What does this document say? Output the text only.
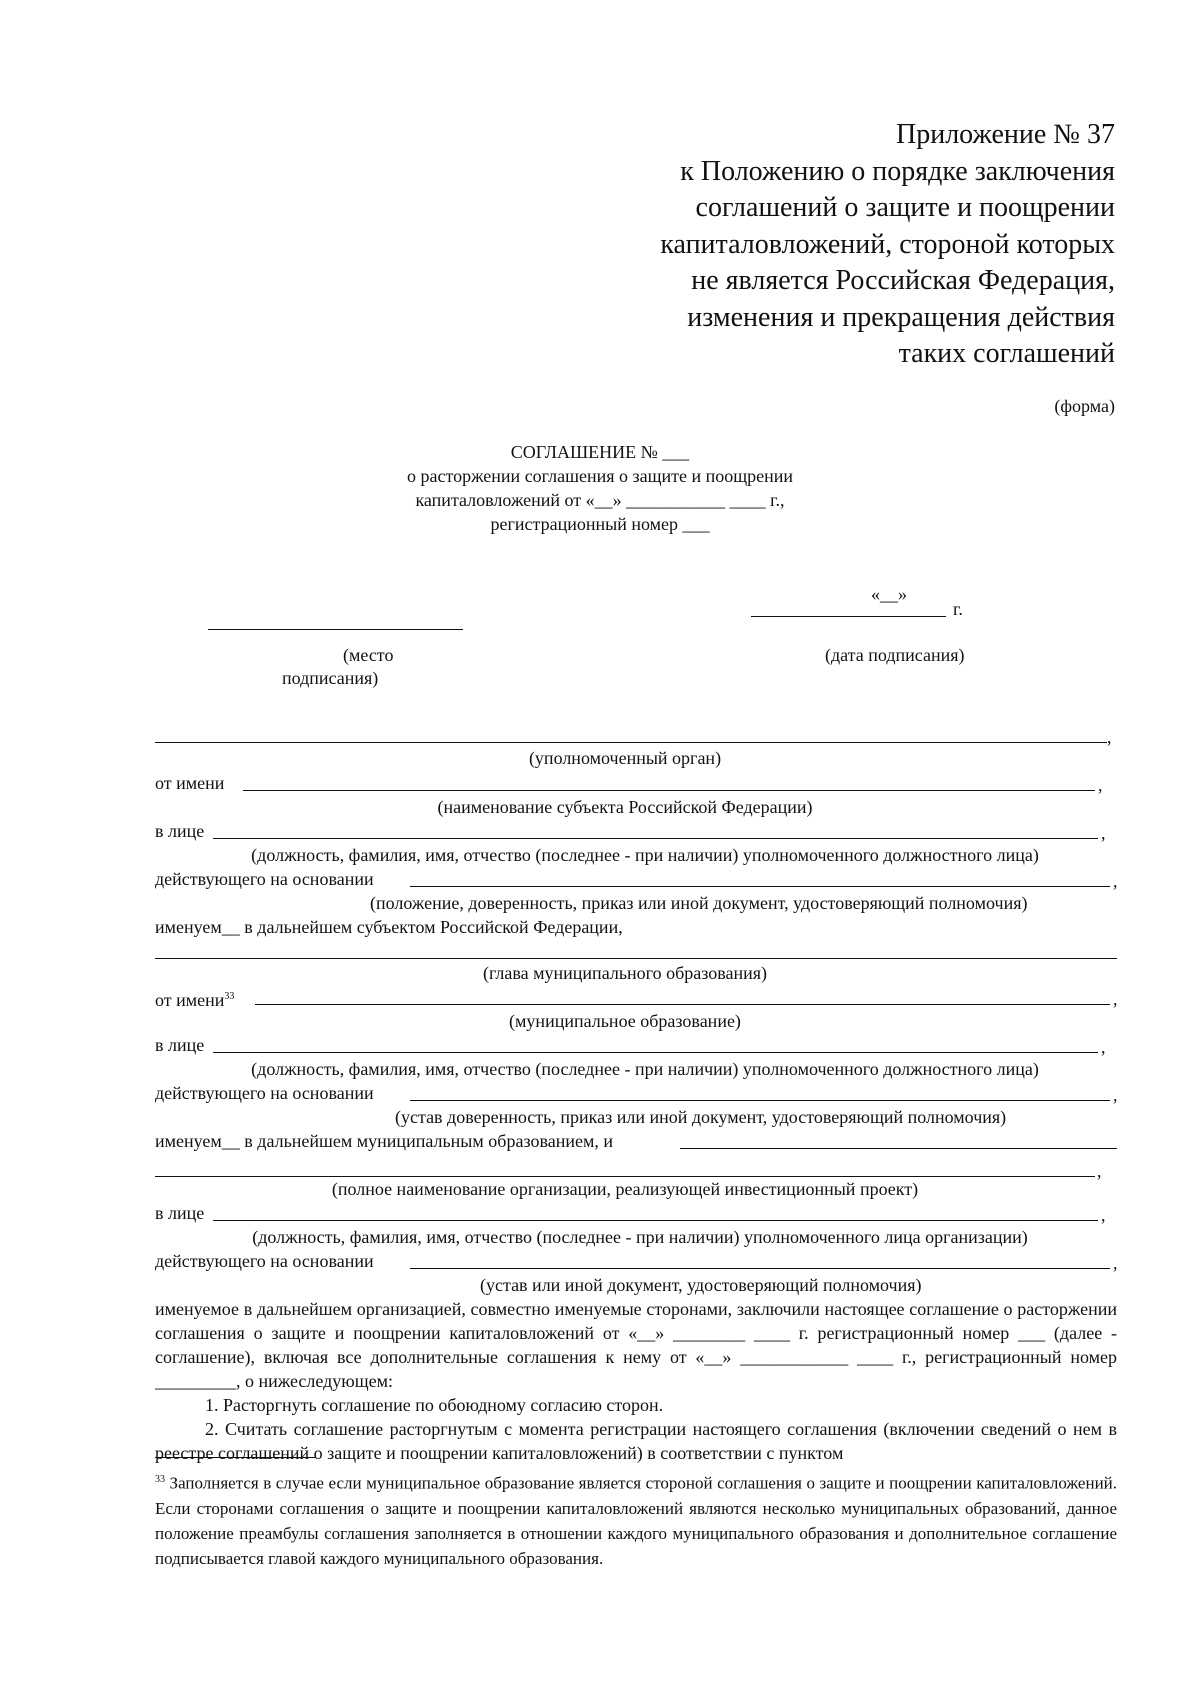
Приложение № 37

к Положению о порядке заключения

соглашений о защите и поощрении

капиталовложений, стороной которых

не является Российская Федерация,

изменения и прекращения действия

таких соглашений

(форма)
СОГЛАШЕНИЕ № ___
о расторжении соглашения о защите и поощрении
капиталовложений от «__» ___________ ____ г.,
регистрационный номер ___
«__»
г.
(место
подписания)
(дата подписания)
,
(уполномоченный орган)
от имени	,
(наименование субъекта Российской Федерации)
в лице	,
(должность, фамилия, имя, отчество (последнее - при наличии) уполномоченного должностного лица)
действующего на основании	,
(положение, доверенность, приказ или иной документ, удостоверяющий полномочия)
именуем__ в дальнейшем субъектом Российской Федерации,
(глава муниципального образования)
от имени$^{33}$	,
(муниципальное образование)
в лице	,
(должность, фамилия, имя, отчество (последнее - при наличии) уполномоченного должностного лица)
действующего на основании	,
(устав доверенность, приказ или иной документ, удостоверяющий полномочия)
именуем__ в дальнейшем муниципальным образованием, и
,
(полное наименование организации, реализующей инвестиционный проект)
в лице	,
(должность, фамилия, имя, отчество (последнее - при наличии) уполномоченного лица организации)
действующего на основании	,
(устав или иной документ, удостоверяющий полномочия)

именуемое в дальнейшем организацией, совместно именуемые сторонами, заключили настоящее соглашение о расторжении соглашения о защите и поощрении капиталовложений от «__» ________ ____ г. регистрационный номер ___ (далее - соглашение), включая все дополнительные соглашения к нему от «__» ____________ ____ г., регистрационный номер _________, о нижеследующем:

1. Расторгнуть соглашение по обоюдному согласию сторон.

2. Считать соглашение расторгнутым с момента регистрации настоящего соглашения (включении сведений о нем в реестре соглашений о защите и поощрении капиталовложений) в соответствии с пунктом

$^{33}$ Заполняется в случае если муниципальное образование является стороной соглашения о защите и поощрении капиталовложений. Если сторонами соглашения о защите и поощрении капиталовложений являются несколько муниципальных образований, данное положение преамбулы соглашения заполняется в отношении каждого муниципального образования и дополнительное соглашение подписывается главой каждого муниципального образования.
